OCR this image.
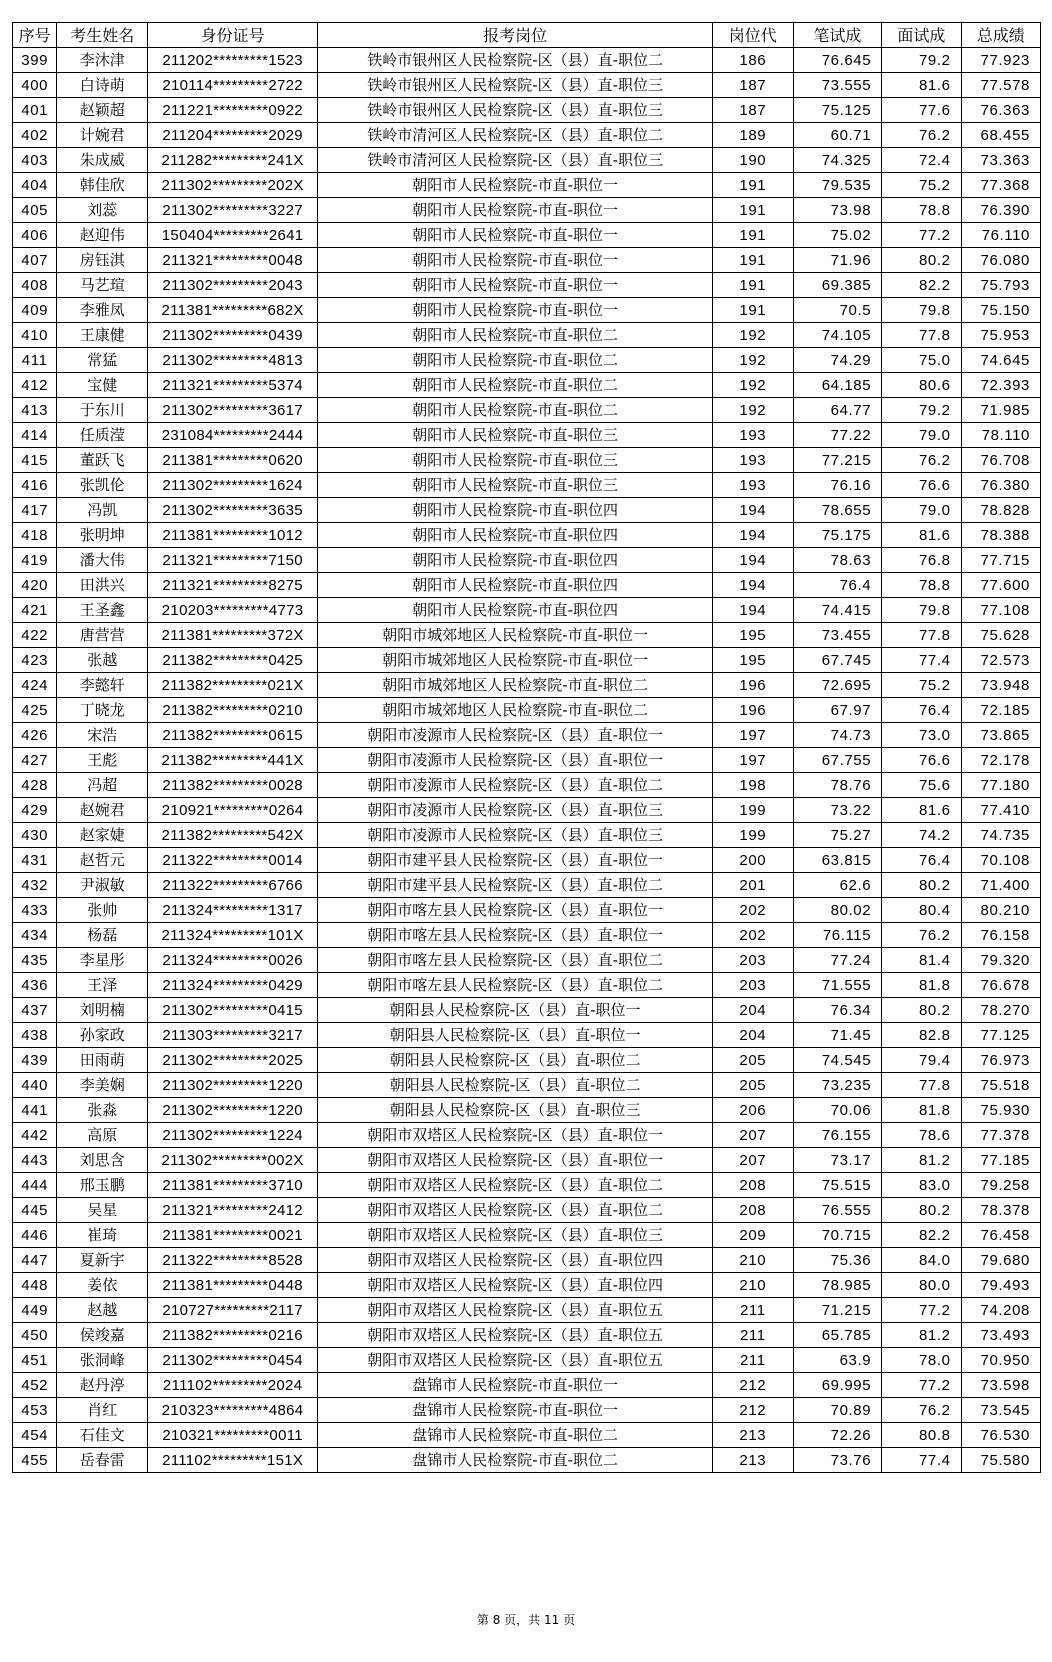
序号	考生姓名	身份证号	报考岗位	岗位代	笔试成	面试成	总成绩
399	李沐津	211202*********1523	铁岭市银州区人民检察院-区（县）直-职位二	186	76.645	79.2	77.923
400	白诗萌	210114*********2722	铁岭市银州区人民检察院-区（县）直-职位三	187	73.555	81.6	77.578
401	赵颖超	211221*********0922	铁岭市银州区人民检察院-区（县）直-职位三	187	75.125	77.6	76.363
402	计婉君	211204*********2029	铁岭市清河区人民检察院-区（县）直-职位二	189	60.71	76.2	68.455
403	朱成威	211282*********241X	铁岭市清河区人民检察院-区（县）直-职位三	190	74.325	72.4	73.363
404	韩佳欣	211302*********202X	朝阳市人民检察院-市直-职位一	191	79.535	75.2	77.368
405	刘蕊	211302*********3227	朝阳市人民检察院-市直-职位一	191	73.98	78.8	76.390
406	赵迎伟	150404*********2641	朝阳市人民检察院-市直-职位一	191	75.02	77.2	76.110
407	房钰淇	211321*********0048	朝阳市人民检察院-市直-职位一	191	71.96	80.2	76.080
408	马艺瑄	211302*********2043	朝阳市人民检察院-市直-职位一	191	69.385	82.2	75.793
409	李雅凤	211381*********682X	朝阳市人民检察院-市直-职位一	191	70.5	79.8	75.150
410	王康健	211302*********0439	朝阳市人民检察院-市直-职位二	192	74.105	77.8	75.953
411	常猛	211302*********4813	朝阳市人民检察院-市直-职位二	192	74.29	75.0	74.645
412	宝健	211321*********5374	朝阳市人民检察院-市直-职位二	192	64.185	80.6	72.393
413	于东川	211302*********3617	朝阳市人民检察院-市直-职位二	192	64.77	79.2	71.985
414	任质滢	231084*********2444	朝阳市人民检察院-市直-职位三	193	77.22	79.0	78.110
415	董跃飞	211381*********0620	朝阳市人民检察院-市直-职位三	193	77.215	76.2	76.708
416	张凯伦	211302*********1624	朝阳市人民检察院-市直-职位三	193	76.16	76.6	76.380
417	冯凯	211302*********3635	朝阳市人民检察院-市直-职位四	194	78.655	79.0	78.828
418	张明坤	211381*********1012	朝阳市人民检察院-市直-职位四	194	75.175	81.6	78.388
419	潘大伟	211321*********7150	朝阳市人民检察院-市直-职位四	194	78.63	76.8	77.715
420	田洪兴	211321*********8275	朝阳市人民检察院-市直-职位四	194	76.4	78.8	77.600
421	王圣鑫	210203*********4773	朝阳市人民检察院-市直-职位四	194	74.415	79.8	77.108
422	唐营营	211381*********372X	朝阳市城郊地区人民检察院-市直-职位一	195	73.455	77.8	75.628
423	张越	211382*********0425	朝阳市城郊地区人民检察院-市直-职位一	195	67.745	77.4	72.573
424	李懿轩	211382*********021X	朝阳市城郊地区人民检察院-市直-职位二	196	72.695	75.2	73.948
425	丁晓龙	211382*********0210	朝阳市城郊地区人民检察院-市直-职位二	196	67.97	76.4	72.185
426	宋浩	211382*********0615	朝阳市凌源市人民检察院-区（县）直-职位一	197	74.73	73.0	73.865
427	王彪	211382*********441X	朝阳市凌源市人民检察院-区（县）直-职位一	197	67.755	76.6	72.178
428	冯超	211382*********0028	朝阳市凌源市人民检察院-区（县）直-职位二	198	78.76	75.6	77.180
429	赵婉君	210921*********0264	朝阳市凌源市人民检察院-区（县）直-职位三	199	73.22	81.6	77.410
430	赵家婕	211382*********542X	朝阳市凌源市人民检察院-区（县）直-职位三	199	75.27	74.2	74.735
431	赵哲元	211322*********0014	朝阳市建平县人民检察院-区（县）直-职位一	200	63.815	76.4	70.108
432	尹淑敏	211322*********6766	朝阳市建平县人民检察院-区（县）直-职位二	201	62.6	80.2	71.400
433	张帅	211324*********1317	朝阳市喀左县人民检察院-区（县）直-职位一	202	80.02	80.4	80.210
434	杨磊	211324*********101X	朝阳市喀左县人民检察院-区（县）直-职位一	202	76.115	76.2	76.158
435	李星彤	211324*********0026	朝阳市喀左县人民检察院-区（县）直-职位二	203	77.24	81.4	79.320
436	王泽	211324*********0429	朝阳市喀左县人民检察院-区（县）直-职位二	203	71.555	81.8	76.678
437	刘明楠	211302*********0415	朝阳县人民检察院-区（县）直-职位一	204	76.34	80.2	78.270
438	孙家政	211303*********3217	朝阳县人民检察院-区（县）直-职位一	204	71.45	82.8	77.125
439	田雨萌	211302*********2025	朝阳县人民检察院-区（县）直-职位二	205	74.545	79.4	76.973
440	李美娴	211302*********1220	朝阳县人民检察院-区（县）直-职位二	205	73.235	77.8	75.518
441	张淼	211302*********1220	朝阳县人民检察院-区（县）直-职位三	206	70.06	81.8	75.930
442	高原	211302*********1224	朝阳市双塔区人民检察院-区（县）直-职位一	207	76.155	78.6	77.378
443	刘思含	211302*********002X	朝阳市双塔区人民检察院-区（县）直-职位一	207	73.17	81.2	77.185
444	邢玉鹏	211381*********3710	朝阳市双塔区人民检察院-区（县）直-职位二	208	75.515	83.0	79.258
445	吴星	211321*********2412	朝阳市双塔区人民检察院-区（县）直-职位二	208	76.555	80.2	78.378
446	崔琦	211381*********0021	朝阳市双塔区人民检察院-区（县）直-职位三	209	70.715	82.2	76.458
447	夏新宇	211322*********8528	朝阳市双塔区人民检察院-区（县）直-职位四	210	75.36	84.0	79.680
448	姜依	211381*********0448	朝阳市双塔区人民检察院-区（县）直-职位四	210	78.985	80.0	79.493
449	赵越	210727*********2117	朝阳市双塔区人民检察院-区（县）直-职位五	211	71.215	77.2	74.208
450	侯竣嘉	211382*********0216	朝阳市双塔区人民检察院-区（县）直-职位五	211	65.785	81.2	73.493
451	张洞峰	211302*********0454	朝阳市双塔区人民检察院-区（县）直-职位五	211	63.9	78.0	70.950
452	赵丹渟	211102*********2024	盘锦市人民检察院-市直-职位一	212	69.995	77.2	73.598
453	肖红	210323*********4864	盘锦市人民检察院-市直-职位一	212	70.89	76.2	73.545
454	石佳文	210321*********0011	盘锦市人民检察院-市直-职位二	213	72.26	80.8	76.530
455	岳春雷	211102*********151X	盘锦市人民检察院-市直-职位二	213	73.76	77.4	75.580
第 8 页，共 11 页
